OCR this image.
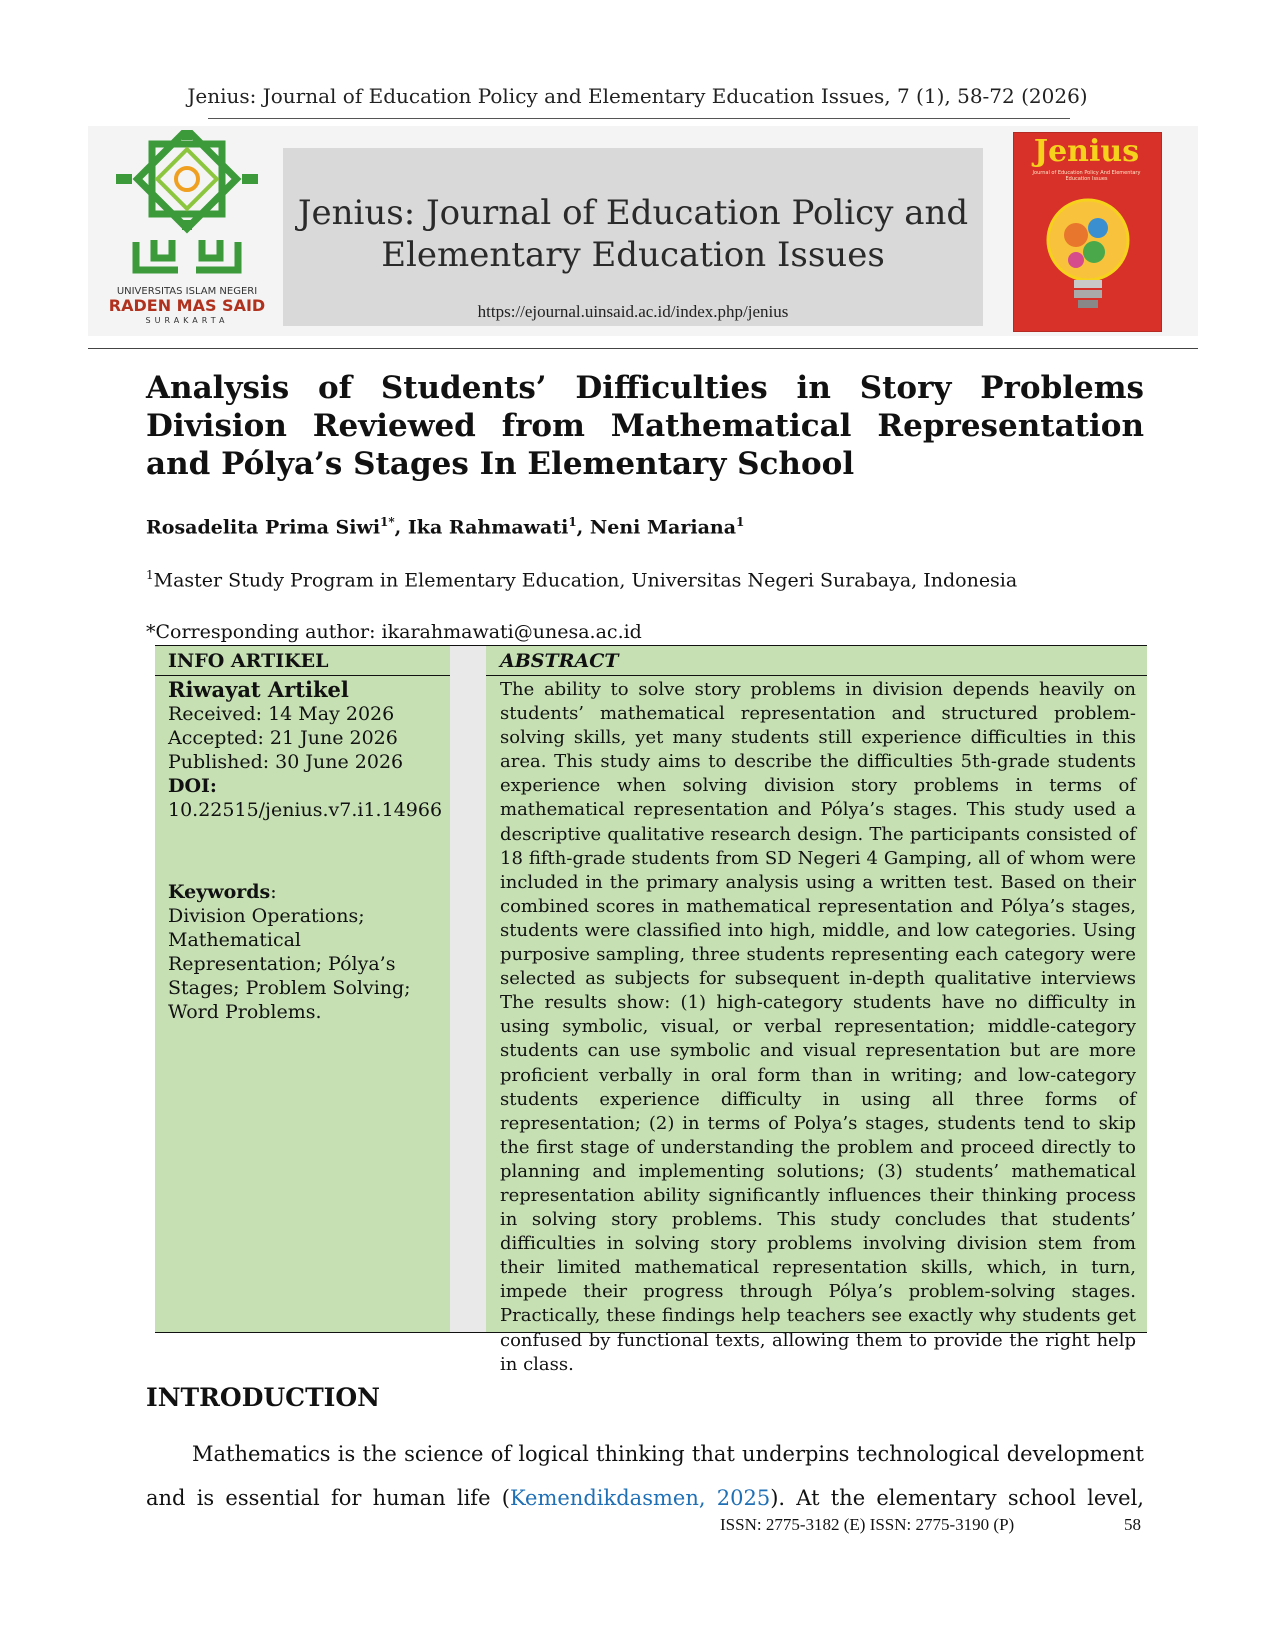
Jenius: Journal of Education Policy and Elementary Education Issues, 7 (1), 58-72 (2026)
UNIVERSITAS ISLAM NEGERI
RADEN MAS SAID
SURAKARTA
Jenius: Journal of Education Policy and
Elementary Education Issues
https://ejournal.uinsaid.ac.id/index.php/jenius
Jenius
Journal of Education Policy And Elementary Education Issues
Analysis of Students’ Difficulties in Story Problems Division Reviewed from Mathematical Representation and Pólya’s Stages In Elementary School
Rosadelita Prima Siwi$^{1*}$, Ika Rahmawati$^1$, Neni Mariana$^1$
$^1$Master Study Program in Elementary Education, Universitas Negeri Surabaya, Indonesia
*Corresponding author: ikarahmawati@unesa.ac.id
INFO ARTIKEL	ABSTRACT
Riwayat Artikel
Received: 14 May 2026
Accepted: 21 June 2026
Published: 30 June 2026
DOI:
10.22515/jenius.v7.i1.14966
Keywords:
Division Operations; Mathematical Representation; Pólya’s Stages; Problem Solving; Word Problems.
The ability to solve story problems in division depends heavily on students’ mathematical representation and structured problem-solving skills, yet many students still experience difficulties in this area. This study aims to describe the difficulties 5th-grade students experience when solving division story problems in terms of mathematical representation and Pólya’s stages. This study used a descriptive qualitative research design. The participants consisted of 18 fifth-grade students from SD Negeri 4 Gamping, all of whom were included in the primary analysis using a written test. Based on their combined scores in mathematical representation and Pólya’s stages, students were classified into high, middle, and low categories. Using purposive sampling, three students representing each category were selected as subjects for subsequent in-depth qualitative interviews The results show: (1) high-category students have no difficulty in using symbolic, visual, or verbal representation; middle-category students can use symbolic and visual representation but are more proficient verbally in oral form than in writing; and low-category students experience difficulty in using all three forms of representation; (2) in terms of Polya’s stages, students tend to skip the first stage of understanding the problem and proceed directly to planning and implementing solutions; (3) students’ mathematical representation ability significantly influences their thinking process in solving story problems. This study concludes that students’ difficulties in solving story problems involving division stem from their limited mathematical representation skills, which, in turn, impede their progress through Pólya’s problem-solving stages. Practically, these findings help teachers see exactly why students get confused by functional texts, allowing them to provide the right help in class.
INTRODUCTION
Mathematics is the science of logical thinking that underpins technological development and is essential for human life (Kemendikdasmen, 2025). At the elementary school level,
ISSN: 2775-3182 (E) ISSN: 2775-3190 (P)	58
